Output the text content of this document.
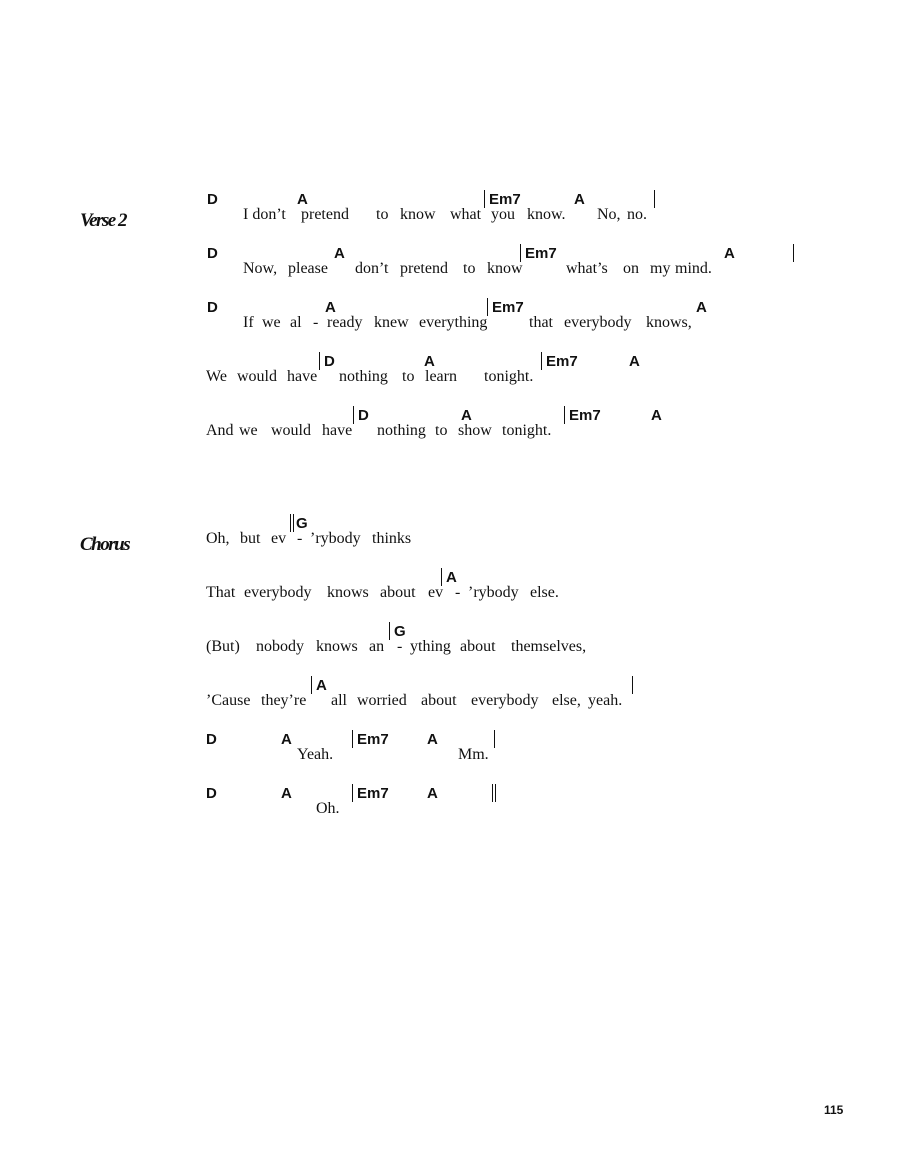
Verse 2
Chorus
D	A	Em7	A
I don’t pretend to know what you know. No, no.
D	A	Em7	A
Now, please don’t pretend to know	what’s on my mind.
D	A	Em7	A
If we al - ready knew everything	that everybody knows,
D	A	Em7	A
We would have nothing to learn tonight.
D	A	Em7	A
And we would have nothing to show tonight.
G
Oh, but ev - ’rybody thinks
A
That everybody knows about ev - ’rybody else.
G
(But) nobody knows an - ything about themselves,
A
’Cause they’re all worried about everybody else, yeah.
D	A	Em7	A
Yeah.	Mm.
D	A	Em7	A
Oh.
115
